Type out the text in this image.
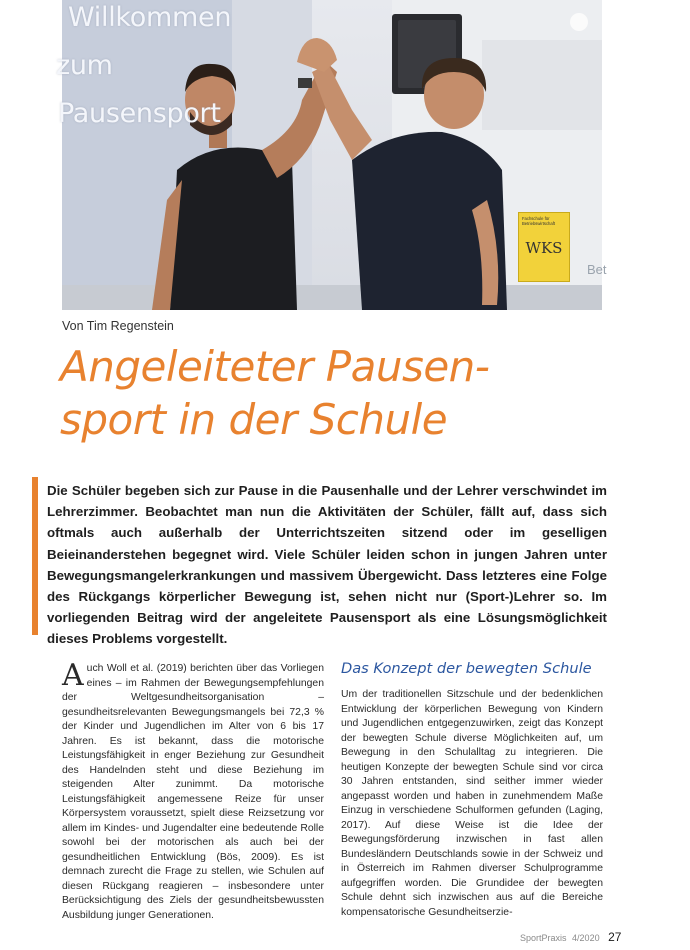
Willkommen
zum
Pausensport
Fachschule für
Betriebswirtschaft
WKS
Bet
Von Tim Regenstein
Angeleiteter Pausen-
sport in der Schule

Die Schüler begeben sich zur Pause in die Pausenhalle und der Lehrer verschwindet im Lehrerzimmer. Beobachtet man nun die Aktivitäten der Schüler, fällt auf, dass sich oftmals auch außerhalb der Unterrichtszeiten sitzend oder im geselligen Beieinanderstehen begegnet wird. Viele Schüler leiden schon in jungen Jahren unter Bewegungsmangelerkrankungen und massivem Übergewicht. Dass letzteres eine Folge des Rückgangs körperlicher Bewegung ist, sehen nicht nur (Sport-)Lehrer so. Im vorliegenden Beitrag wird der angeleitete Pausensport als eine Lösungsmöglichkeit dieses Problems vorgestellt.

Auch Woll et al. (2019) berichten über das Vorliegen eines – im Rahmen der Bewegungsempfehlungen der Weltgesundheitsorganisation – gesundheitsrelevanten Bewegungsmangels bei 72,3 % der Kinder und Jugendlichen im Alter von 6 bis 17 Jahren. Es ist bekannt, dass die motorische Leistungsfähigkeit in enger Beziehung zur Gesundheit des Handelnden steht und diese Beziehung im steigenden Alter zunimmt. Da motorische Leistungsfähigkeit angemessene Reize für unser Körpersystem voraussetzt, spielt diese Reizsetzung vor allem im Kindes- und Jugendalter eine bedeutende Rolle sowohl bei der motorischen als auch bei der gesundheitlichen Entwicklung (Bös, 2009). Es ist demnach zurecht die Frage zu stellen, wie Schulen auf diesen Rückgang reagieren – insbesondere unter Berücksichtigung des Ziels der gesundheitsbewussten Ausbildung junger Generationen.

Das Konzept der bewegten Schule

Um der traditionellen Sitzschule und der bedenklichen Entwicklung der körperlichen Bewegung von Kindern und Jugendlichen entgegenzuwirken, zeigt das Konzept der bewegten Schule diverse Möglichkeiten auf, um Bewegung in den Schulalltag zu integrieren. Die heutigen Konzepte der bewegten Schule sind vor circa 30 Jahren entstanden, sind seither immer wieder angepasst worden und haben in zunehmendem Maße Einzug in verschiedene Schulformen gefunden (Laging, 2017). Auf diese Weise ist die Idee der Bewegungsförderung inzwischen in fast allen Bundesländern Deutschlands sowie in der Schweiz und in Österreich im Rahmen diverser Schulprogramme aufgegriffen worden. Die Grundidee der bewegten Schule dehnt sich inzwischen aus auf die Bereiche kompensatorische Gesundheitserzie-

SportPraxis 4/2020 27
